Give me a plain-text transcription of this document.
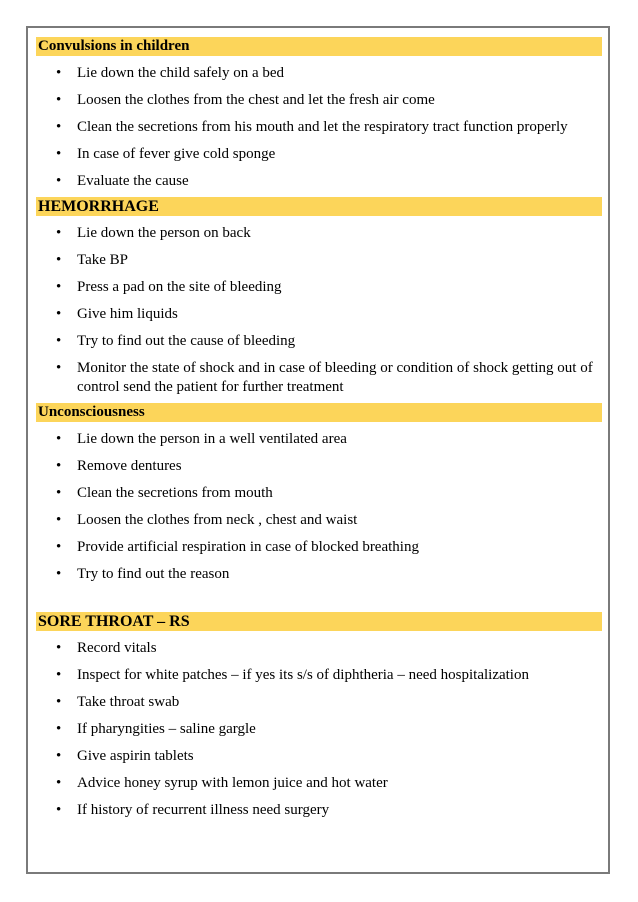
Convulsions in children
• Lie down the child safely on a bed
• Loosen the clothes from the chest and let the fresh air come
• Clean the secretions from his mouth and let the respiratory tract function properly
• In case of fever give cold sponge
• Evaluate the cause
HEMORRHAGE
• Lie down the person on back
• Take BP
• Press a pad on the site of bleeding
• Give him liquids
• Try to find out the cause of bleeding
• Monitor the state of shock and in case of bleeding or condition of shock getting out of control send the patient for further treatment
Unconsciousness
• Lie down the person in a well ventilated area
• Remove dentures
• Clean the secretions from mouth
• Loosen the clothes from neck , chest and waist
• Provide artificial respiration in case of blocked breathing
• Try to find out the reason
SORE THROAT – RS
• Record vitals
• Inspect for white patches – if yes its s/s of diphtheria – need hospitalization
• Take throat swab
• If pharyngities – saline gargle
• Give aspirin tablets
• Advice honey syrup with lemon juice and hot water
• If history of recurrent illness need surgery
